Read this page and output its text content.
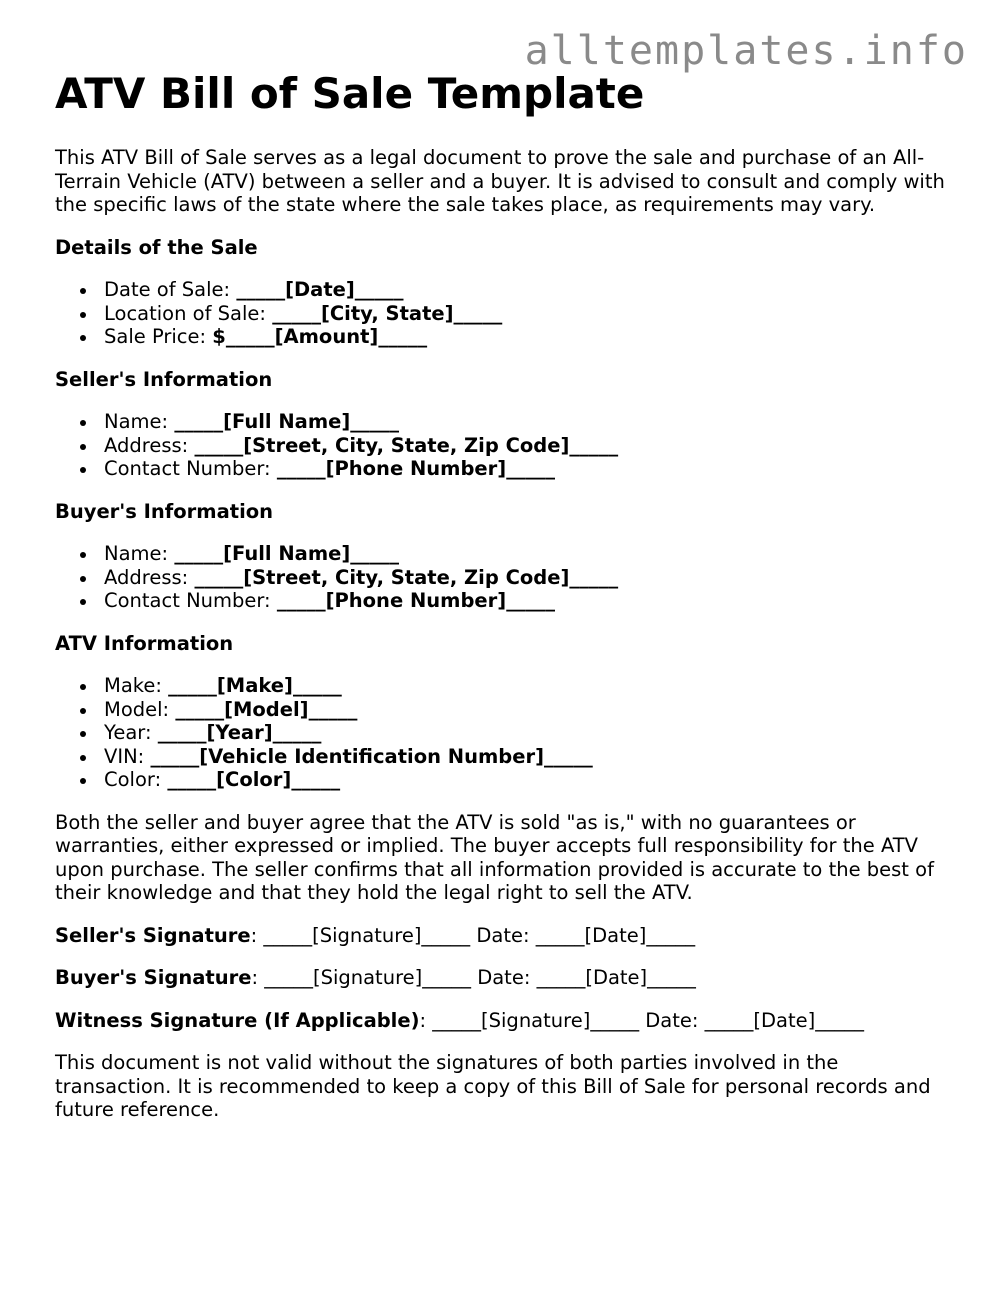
alltemplates.info
ATV Bill of Sale Template

This ATV Bill of Sale serves as a legal document to prove the sale and purchase of an All-Terrain Vehicle (ATV) between a seller and a buyer. It is advised to consult and comply with the specific laws of the state where the sale takes place, as requirements may vary.

Details of the Sale
Date of Sale: _____[Date]_____
Location of Sale: _____[City, State]_____
Sale Price: $_____[Amount]_____
Seller's Information
Name: _____[Full Name]_____
Address: _____[Street, City, State, Zip Code]_____
Contact Number: _____[Phone Number]_____
Buyer's Information
Name: _____[Full Name]_____
Address: _____[Street, City, State, Zip Code]_____
Contact Number: _____[Phone Number]_____
ATV Information
Make: _____[Make]_____
Model: _____[Model]_____
Year: _____[Year]_____
VIN: _____[Vehicle Identification Number]_____
Color: _____[Color]_____

Both the seller and buyer agree that the ATV is sold "as is," with no guarantees or warranties, either expressed or implied. The buyer accepts full responsibility for the ATV upon purchase. The seller confirms that all information provided is accurate to the best of their knowledge and that they hold the legal right to sell the ATV.

Seller's Signature: _____[Signature]_____ Date: _____[Date]_____
Buyer's Signature: _____[Signature]_____ Date: _____[Date]_____
Witness Signature (If Applicable): _____[Signature]_____ Date: _____[Date]_____

This document is not valid without the signatures of both parties involved in the transaction. It is recommended to keep a copy of this Bill of Sale for personal records and future reference.
